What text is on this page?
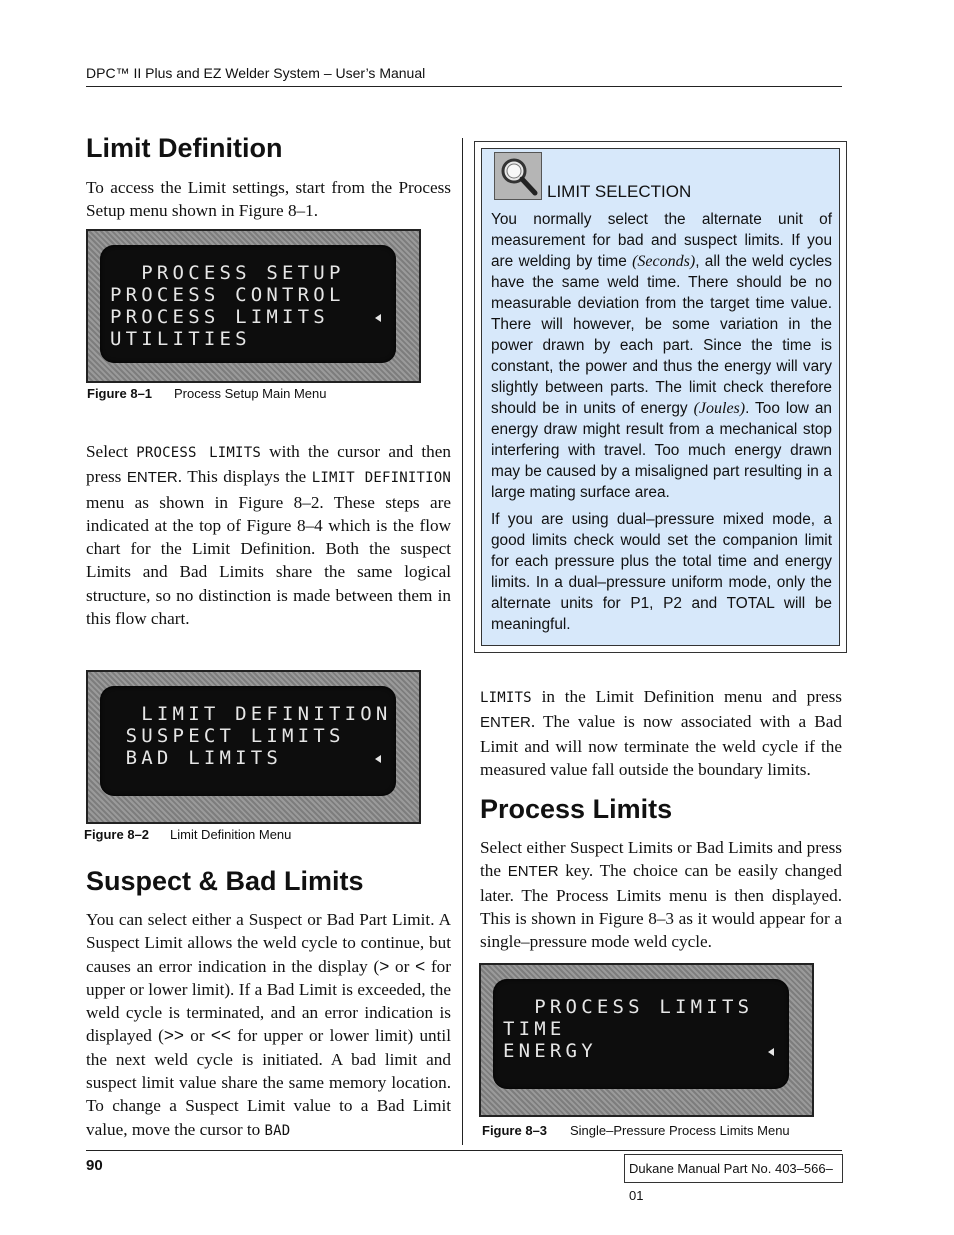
DPC™ II Plus and EZ Welder System – User’s Manual
Limit Definition

To access the Limit settings, start from the Process Setup menu shown in Figure 8–1.

PROCESS SETUP
PROCESS CONTROL
PROCESS LIMITS
UTILITIES
Figure 8–1 Process Setup Main Menu

Select PROCESS LIMITS with the cursor and then press ENTER. This displays the LIMIT DEFINITION menu as shown in Figure 8–2. These steps are indicated at the top of Figure 8–4 which is the flow chart for the Limit Definition. Both the suspect Limits and Bad Limits share the same logical structure, so no distinction is made between them in this flow chart.

LIMIT DEFINITION
SUSPECT LIMITS
BAD LIMITS
Figure 8–2 Limit Definition Menu
Suspect & Bad Limits

You can select either a Suspect or Bad Part Limit. A Suspect Limit allows the weld cycle to continue, but causes an error indication in the display (> or < for upper or lower limit). If a Bad Limit is exceeded, the weld cycle is terminated, and an error indication is displayed (>> or << for upper or lower limit) until the next weld cycle is initiated. A bad limit and suspect limit value share the same memory location. To change a Suspect Limit value to a Bad Limit value, move the cursor to BAD

LIMIT SELECTION

You normally select the alternate unit of measurement for bad and suspect limits. If you are welding by time (Seconds), all the weld cycles have the same weld time. There should be no measurable deviation from the target time value. There will however, be some variation in the power drawn by each part. Since the time is constant, the power and thus the energy will vary slightly between parts. The limit check therefore should be in units of energy (Joules). Too low an energy draw might result from a mechanical stop interfering with travel. Too much energy drawn may be caused by a misaligned part resulting in a large mating surface area.

If you are using dual–pressure mixed mode, a good limits check would set the companion limit for each pressure plus the total time and energy limits. In a dual–pressure uniform mode, only the alternate units for P1, P2 and TOTAL will be meaningful.

LIMITS in the Limit Definition menu and press ENTER. The value is now associated with a Bad Limit and will now terminate the weld cycle if the measured value fall outside the boundary limits.

Process Limits

Select either Suspect Limits or Bad Limits and press the ENTER key. The choice can be easily changed later. The Process Limits menu is then displayed. This is shown in Figure 8–3 as it would appear for a single–pressure mode weld cycle.

PROCESS LIMITS
TIME
ENERGY
Figure 8–3 Single–Pressure Process Limits Menu
90	Dukane Manual Part No. 403–566–01
